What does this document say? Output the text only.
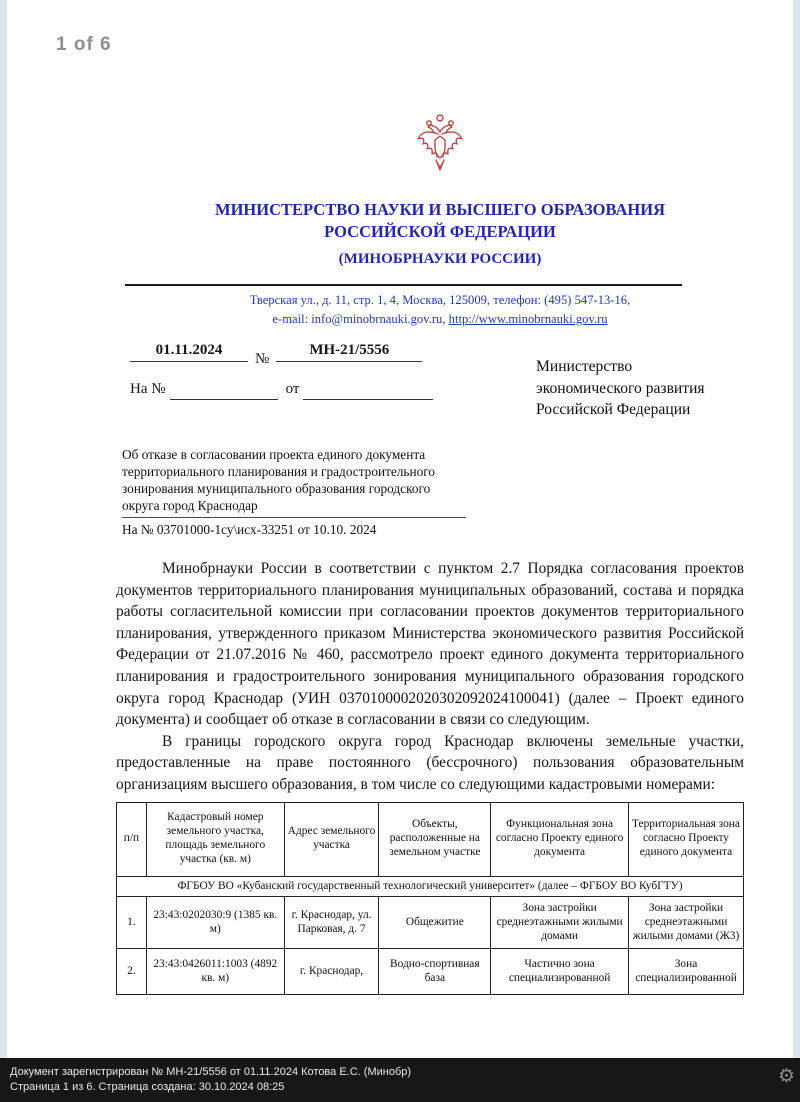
1 of 6
МИНИСТЕРСТВО НАУКИ И ВЫСШЕГО ОБРАЗОВАНИЯ
РОССИЙСКОЙ ФЕДЕРАЦИИ
(МИНОБРНАУКИ РОССИИ)
Тверская ул., д. 11, стр. 1, 4, Москва, 125009, телефон: (495) 547-13-16,
e-mail: info@minobrnauki.gov.ru, http://www.minobrnauki.gov.ru
01.11.2024
№
МН-21/5556
На №	от
Министерство
экономического развития
Российской Федерации
Об отказе в согласовании проекта единого документа
территориального планирования и градостроительного
зонирования муниципального образования городского
округа город Краснодар
На № 03701000-1су\исх-33251 от 10.10. 2024

Минобрнауки России в соответствии с пунктом 2.7 Порядка согласования проектов документов территориального планирования муниципальных образований, состава и порядка работы согласительной комиссии при согласовании проектов документов территориального планирования, утвержденного приказом Министерства экономического развития Российской Федерации от 21.07.2016 № 460, рассмотрело проект единого документа территориального планирования и градостроительного зонирования муниципального образования городского округа город Краснодар (УИН 0370100002020302092024100041) (далее – Проект единого документа) и сообщает об отказе в согласовании в связи со следующим.

В границы городского округа город Краснодар включены земельные участки, предоставленные на праве постоянного (бессрочного) пользования образовательным организациям высшего образования, в том числе со следующими кадастровыми номерами:

п/п	Кадастровый номер земельного участка, площадь земельного участка (кв. м)	Адрес земельного участка	Объекты, расположенные на земельном участке	Функциональная зона согласно Проекту единого документа	Территориальная зона согласно Проекту единого документа
ФГБОУ ВО «Кубанский государственный технологический университет» (далее – ФГБОУ ВО КубГТУ)					
1.	23:43:0202030:9 (1385 кв. м)	г. Краснодар, ул. Парковая, д. 7	Общежитие	Зона застройки среднеэтажными жилыми домами	Зона застройки среднеэтажными жилыми домами (Ж3)
2.	23:43:0426011:1003 (4892 кв. м)	г. Краснодар,	Водно-спортивная база	Частично зона специализированной	Зона специализированной
Документ зарегистрирован № МН-21/5556 от 01.11.2024 Котова Е.С. (Минобр)
Страница 1 из 6. Страница создана: 30.10.2024 08:25	⚙
